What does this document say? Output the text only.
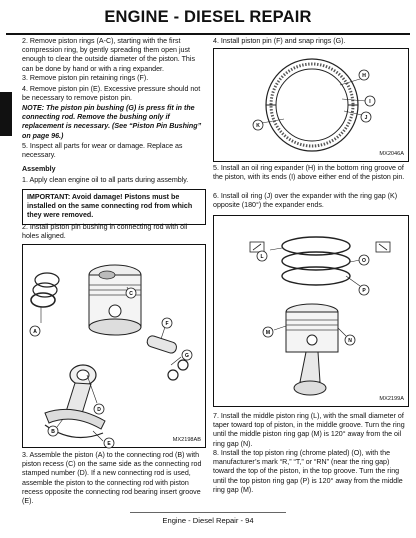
ENGINE - DIESEL REPAIR
2. Remove piston rings (A-C), starting with the first compression ring, by gently spreading them open just enough to clear the outside diameter of the piston. This can be done by hand or with a ring expander.
3. Remove piston pin retaining rings (F).
4. Remove piston pin (E). Excessive pressure should not be necessary to remove piston pin.
NOTE: The piston pin bushing (G) is press fit in the connecting rod. Remove the bushing only if replacement is necessary. (See “Piston Pin Bushing” on page 96.)
5. Inspect all parts for wear or damage. Replace as necessary.
Assembly
1. Apply clean engine oil to all parts during assembly.
IMPORTANT: Avoid damage! Pistons must be installed on the same connecting rod from which they were removed.
2. Install piston pin bushing in connecting rod with oil holes aligned.
A
B
C
D
E
F
G
MX2198AB
3. Assemble the piston (A) to the connecting rod (B) with piston recess (C) on the same side as the connecting rod stamped number (D). If a new connecting rod is used, assemble the piston to the connecting rod with piston recess opposite the connecting rod bearing insert groove (E).
4. Install piston pin (F) and snap rings (G).
H
I
J
K
MX2046A
5. Install an oil ring expander (H) in the bottom ring groove of the piston, with its ends (I) above either end of the piston pin.
6. Install oil ring (J) over the expander with the ring gap (K) opposite (180°) the expander ends.
L
M
N
O
P
MX2199A
7. Install the middle piston ring (L), with the small diameter of taper toward top of piston, in the middle groove. Turn the ring until the middle piston ring gap (M) is 120° away from the oil ring gap (N).
8. Install the top piston ring (chrome plated) (O), with the manufacturer’s mark “R,” “T,” or “RN” (near the ring gap) toward the top of the piston, in the top groove. Turn the ring until the top piston ring gap (P) is 120° away from the middle ring gap (M).
Engine - Diesel Repair - 94
